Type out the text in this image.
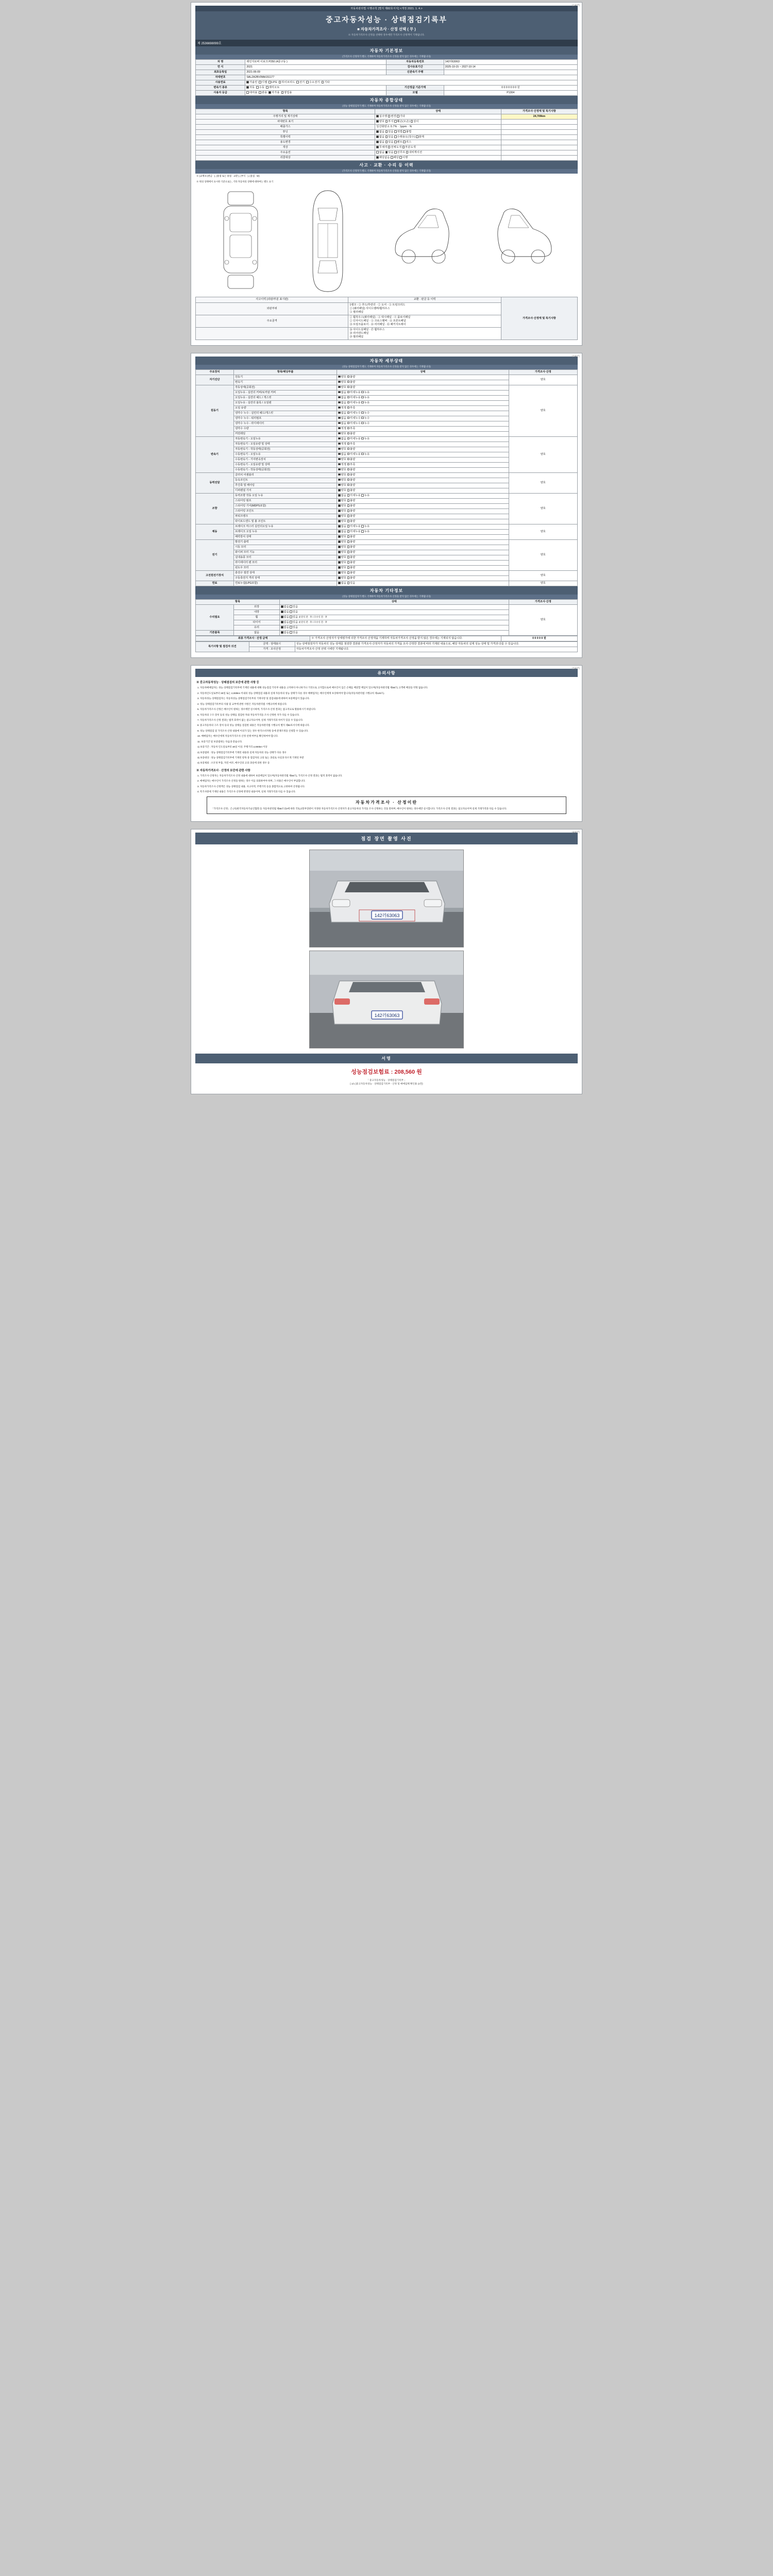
(1/4면)
자동차관리법 시행규칙 [별지 제82호서식] <개정 2021. 1. 4.>
중고자동차성능 · 상태점검기록부
■ 자동차가격조사 · 산정 선택 ( 무 )
※ 자동차가격조사·산정을 선택한 경우에만 가격조사·산정액이 기재됩니다.
제 2536698099호
자동차 기본정보
(가격조사·산정자가 별도 기재하며 자동차가격조사·산정을 받지 않은 경우에는 기재됩니다)
차 명	레인지로버 이보크 P250 (4륜구동 )	자동차등록번호	142러63063
연 식	2021	검사유효기간	2025-10-15 ~ 2027-10-14
최초등록일	2021-06-09	신관속기 주행	
차대번호	SALZA2BV0MH151177		
사용연료	가솔린	디젤	LPG	하이브리드	전기	수소전기	기타

변속기 종류	자동 수동 세미오토	기산정값 기준가액	0 0 0 0 0 0 0 원
사용자 등급	대여용 관용 자가용 영업용	모델	P1304
자동차 종합상태
(성능·상태점검자가 별도 기재하며 자동차가격조사·산정을 받지 않은 경우에는 기재됩니다)
항목	상태	가격조사·산정액 및 특기사항
주행거리 및 계기상태	실주행 변경 기타	24,709km
차대번호 표기	양호 부식 훼손(오손) 상이	
배출가스	일산화탄소 0.7% · 1ppm · %	
튜닝	없음 있음 적법 불법	
특별이력	없음 있음 수래용도(침수) 화재	
용도변경	없음 있음 렌트 리스	
색상	무채색 전체도색 부분도색	
주요옵션	없음 있음 선루프 내비게이션	
리콜대상	해당없음 해당 이행	
사고 · 교환 · 수리 등 이력
(가격조사·산정자가 별도 기재하며 자동차가격조사·산정을 받지 않은 경우에는 기재됩니다)
※ (교체 X (판금 · ), (용접 또는 용접 · 교환 ), (부식 · ), (흠집 · W)
※ 위의 상태에서 표시한 기준으로는, 기타 자동차의 상태에 대하여는 별도 표기
사고이력 (외판/부분 표시판)	교환 · 판금 등 이력	가격조사·산정액 및 특기사항
외판부위	1랭크 : ① 후드/후런더 · ② 도어 · ③ 트렁크리드
② (쿼터패널) 사이드멤버/휠하우스
③ 필러패널	

주요골격	② 휠하우스(쿼터패널) · ③ 대시패널 · ④ 플로어패널
② 인사이드패널 · ③ 크로스멤버 · ⑪ 프론트패널
⑬ 트렁크플로어 · ⑭ 리어패널 · ⑮ 패키지트레이	

	⑯ 사이드실패널 · ⑰ 휠하우스
⑱ 리어엔드패널
⑲ 필러패널	
(2/4면)
자동차 세부상태
(성능·상태점검자가 별도 기재하며 자동차가격조사·산정을 받지 않은 경우에는 기재됩니다)
주요장치	항목/해당부품	상태	가격조사·산정
자기진단	원동기	양호 불량	양호
	변속기	양호 불량	
원동기	작동상태(공회전)	양호 불량	양호
	오일누유 - 실린더 커버/로커암 커버	없음 미세누유 누유	
	오일누유 - 실린더 헤드 / 개스킷	없음 미세누유 누유	
	오일누유 - 실린더 블록 / 오일팬	없음 미세누유 누유	
	오일 유량	적정 부족	
	냉각수 누수 - 실린더 헤드/개스킷	없음 미세누수 누수	
	냉각수 누수 - 워터펌프	없음 미세누수 누수	
	냉각수 누수 - 라디에이터	없음 미세누수 누수	
	냉각수 수량	적정 부족	
	커먼레일	양호 불량	
변속기	자동변속기 - 오일누유	없음 미세누유 누유	양호
	자동변속기 - 오일유량 및 상태	적정 부족	
	자동변속기 - 작동상태(공회전)	양호 불량	
	수동변속기 - 오일누유	없음 미세누유 누유	
	수동변속기 - 기어변속장치	양호 불량	
	수동변속기 - 오일유량 및 상태	적정 부족	
	수동변속기 - 작동상태(공회전)	양호 불량	
동력전달	클러치 어셈블리	양호 불량	양호
	등속조인트	양호 불량	
	추진축 및 베어링	양호 불량	
	디퍼렌셜 기어	양호 불량	
조향	동력조향 작동 오일 누유	없음 미세누유 누유	양호
	스티어링 펌프	양호 불량	
	스티어링 기어(MDPS포함)	양호 불량	
	스티어링 조인트	양호 불량	
	파워크랭크	양호 불량	
	타이로드엔드 및 볼 조인트	양호 불량	
제동	브레이크 마스터 실린더오일 누유	없음 미세누유 누유	양호
	브레이크 오일 누유	없음 미세누유 누유	
	배력장치 상태	양호 불량	
전기	발전기 출력	양호 불량	양호
	시동 모터	양호 불량	
	와이퍼 모터 기능	양호 불량	
	실내송풍 모터	양호 불량	
	라디에이터 팬 모터	양호 불량	
	윈도우 모터	양호 불량	
고전원전기장치	충전구 절연 상태	양호 불량	양호
	구동축전지 격리 상태	양호 불량	
연료	연료누설(LPG포함)	없음 있음	양호
자동차 기타정보
(성능·상태점검자가 별도 기재하며 자동차가격조사·산정을 받지 않은 경우에는 기재됩니다)
항목		상태	가격조사·산정
수리필요	외장	없음 있음	양호
	내장	없음 있음	
	휠	없음 있음 운전석 전 · 후 / 조수석 전 · 후	
	타이어	없음 있음 운전석 전 · 후 / 조수석 전 · 후	
	유리	없음 있음	
기본품목	없음	없음 있음	
최종 가격조사 · 산정 금액	※ 가격조사·산정자가 상태평가에 의한 가격조사·산정액을 기재하며 자동차가격조사·산정을 받지 않은 경우에는 기재되지 않습니다.	0 0 0 0 0 원
특기사항 및 점검자 의견	금액 · 상태표시	성능·상태점검자가 자동차의 성능·상태를 점검한 결과와 가격조사·산정자가 자동차의 가격을 조사·산정한 결과에 따라 기재된 내용으로, 해당 자동차의 실제 성능·상태 및 가격과 다를 수 있습니다.
	가격 · 조사산정	자동차가격조사·산정 선택 시에만 기재됩니다.
(3/4면)
유의사항
※ 중고자동차성능 · 상태점검의 보증에 관한 사항 등
1. 자동차매매업자는 성능·상태점검기록부에 기재된 내용에 대해 성능점검 기록부 내용을 고지하다 아니하거나 거짓으로 고지함으로써 매수인이 입은 손해를 배상할 책임이 있으며(자동차관리법 제58조) 고객에 배상을 약정 없습니다.
2. 자동차인도일로부터 30일 또는 2,000km 이내의 성능·상태점검 내용과 실제 자동차의 성능·상태가 다른 경우 매매업자는 매수인에게 보상하여야 합니다(자동차관리법 시행규칙 제120조).
3. 자동차성능·상태점검자는 자동차성능·상태점검기록부의 기재사항 및 점검내용에 대하여 보증책임이 있습니다.
4. 성능·상태점검기록부의 사용 및 교부에 관한 사항은 자동차관리법 시행규칙에 따릅니다.
5. 자동차가격조사·산정은 매수인이 원하는 경우에만 실시하며, 가격조사·산정 결과는 참고자료로 활용하시기 바랍니다.
6. 자동차의 구조·장치 등의 성능·상태를 점검한 자와 자동차가격을 조사·산정한 자가 다를 수 있습니다.
7. 자동차가격조사·산정 결과는 법적 효력이 없는 참고자료이며, 실제 거래가격과 차이가 있을 수 있습니다.
8. 중고자동차의 구조·장치 등의 성능·상태를 점검한 내용은 자동차관리법 시행규칙 별지 제82호서식에 따릅니다.
9. 성능·상태점검 및 가격조사·산정 내용에 이의가 있는 경우 한국소비자원 등에 분쟁조정을 신청할 수 있습니다.
10. 매매업자는 매수인에게 자동차가격조사·산정 선택 여부를 확인하여야 합니다.
11. 보증기간 및 보증범위는 다음과 같습니다.
1) 보증기간 : 자동차 인도일로부터 30일 이상, 주행거리 2,000km 이상
2) 보증범위 : 성능·상태점검기록부에 기재된 내용과 실제 자동차의 성능·상태가 다른 경우
3) 보증대상 : 성능·상태점검기록부에 기재된 항목 중 점검자의 고의 또는 과실로 사실과 다르게 기재된 부분
4) 보증제외 : 소모성 부품, 자연 마모, 매수인의 고의·과실에 의한 경우 등
※ 자동차가격조사 · 산정의 보증에 관한 사항
1. 가격조사·산정자는 자동차가격조사·산정 내용에 대하여 보증책임이 있으며(자동차관리법 제58조), 가격조사·산정 결과는 법적 효력이 없습니다.
2. 매매업자는 매수인이 가격조사·산정을 원하는 경우 이를 의뢰하여야 하며, 그 비용은 매수인이 부담합니다.
3. 자동차가격조사·산정액은 성능·상태점검 내용, 사고이력, 주행거리 등을 종합적으로 고려하여 산정됩니다.
4. 특기사항에 기재된 내용은 가격조사·산정에 반영된 내용이며, 실제 거래가격과 다를 수 있습니다.
자동차가격조사 · 산정이란
「가격조사·산정」은 (사)한국자동차기술인협회 등 자동차관리법 제58조의4에 따라 국토교통부장관이 지정한 자동차가격조사·산정자가 중고자동차의 가격을 조사·산정하는 것을 말하며, 매수인이 원하는 경우에만 실시합니다. 가격조사·산정 결과는 참고자료이며 실제 거래가격과 다를 수 있습니다.
(4/4면)
점검 장면 촬영 사진
142러63063
142러63063
서명
성능점검보험료 : 208,560 원
「 중고자동차성능 · 상태점검기록부 」
[ 1/1 ]중고자동차성능 · 상태점검기록부 - 산정 및 매매업체 확인용 (1면)
